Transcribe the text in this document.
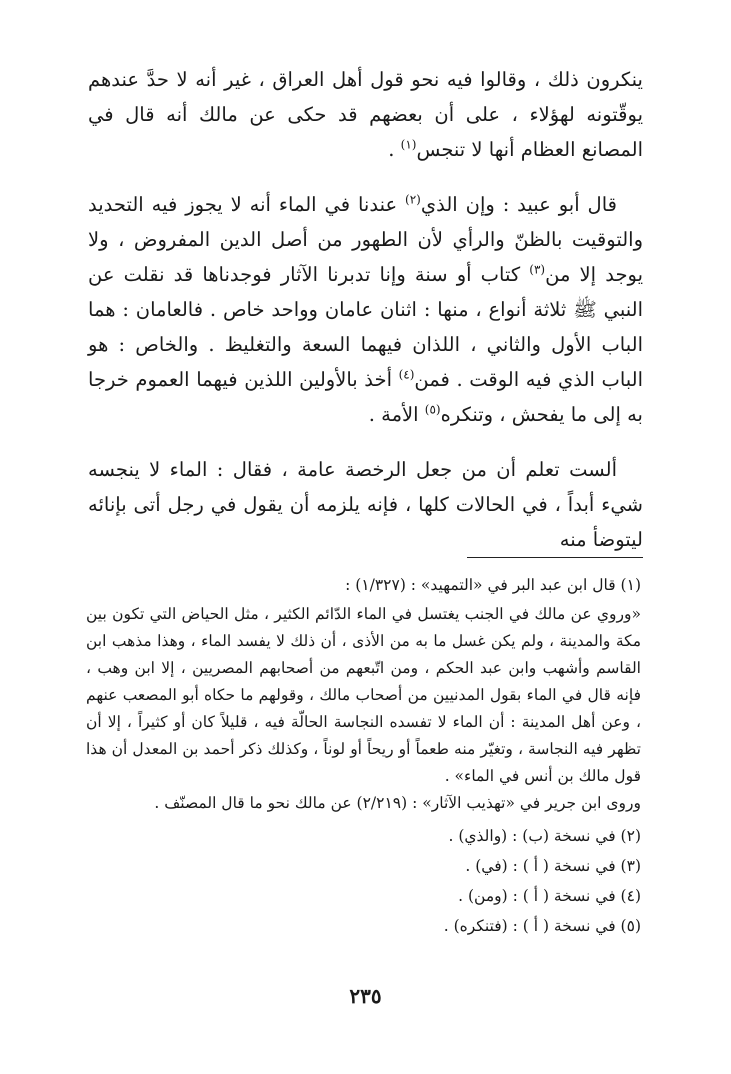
ينكرون ذلك ، وقالوا فيه نحو قول أهل العراق ، غير أنه لا حدَّ عندهم يوقّتونه لهؤلاء ، على أن بعضهم قد حكى عن مالك أنه قال في المصانع العظام أنها لا تنجس$^{(١)}$ .

قال أبو عبيد : وإن الذي$^{(٢)}$ عندنا في الماء أنه لا يجوز فيه التحديد والتوقيت بالظنّ والرأي لأن الطهور من أصل الدين المفروض ، ولا يوجد إلا من$^{(٣)}$ كتاب أو سنة وإنا تدبرنا الآثار فوجدناها قد نقلت عن النبي ﷺ ثلاثة أنواع ، منها : اثنان عامان وواحد خاص . فالعامان : هما الباب الأول والثاني ، اللذان فيهما السعة والتغليظ . والخاص : هو الباب الذي فيه الوقت . فمن$^{(٤)}$ أخذ بالأولين اللذين فيهما العموم خرجا به إلى ما يفحش ، وتنكره$^{(٥)}$ الأمة .

ألست تعلم أن من جعل الرخصة عامة ، فقال : الماء لا ينجسه شيء أبداً ، في الحالات كلها ، فإنه يلزمه أن يقول في رجل أتى بإنائه ليتوضأ منه

(١) قال ابن عبد البر في «التمهيد» : (١/٣٢٧) :

«وروي عن مالك في الجنب يغتسل في الماء الدّائم الكثير ، مثل الحياض التي تكون بين مكة والمدينة ، ولم يكن غسل ما به من الأذى ، أن ذلك لا يفسد الماء ، وهذا مذهب ابن القاسم وأشهب وابن عبد الحكم ، ومن اتّبعهم من أصحابهم المصريين ، إلا ابن وهب ، فإنه قال في الماء بقول المدنيين من أصحاب مالك ، وقولهم ما حكاه أبو المصعب عنهم ، وعن أهل المدينة : أن الماء لا تفسده النجاسة الحالّة فيه ، قليلاً كان أو كثيراً ، إلا أن تظهر فيه النجاسة ، وتغيّر منه طعماً أو ريحاً أو لوناً ، وكذلك ذكر أحمد بن المعدل أن هذا قول مالك بن أنس في الماء» .

وروى ابن جرير في «تهذيب الآثار» : (٢/٢١٩) عن مالك نحو ما قال المصنّف .

(٢) في نسخة (ب) : (والذي) .

(٣) في نسخة ( أ ) : (في) .

(٤) في نسخة ( أ ) : (ومن) .

(٥) في نسخة ( أ ) : (فتنكره) .

٢٣٥
